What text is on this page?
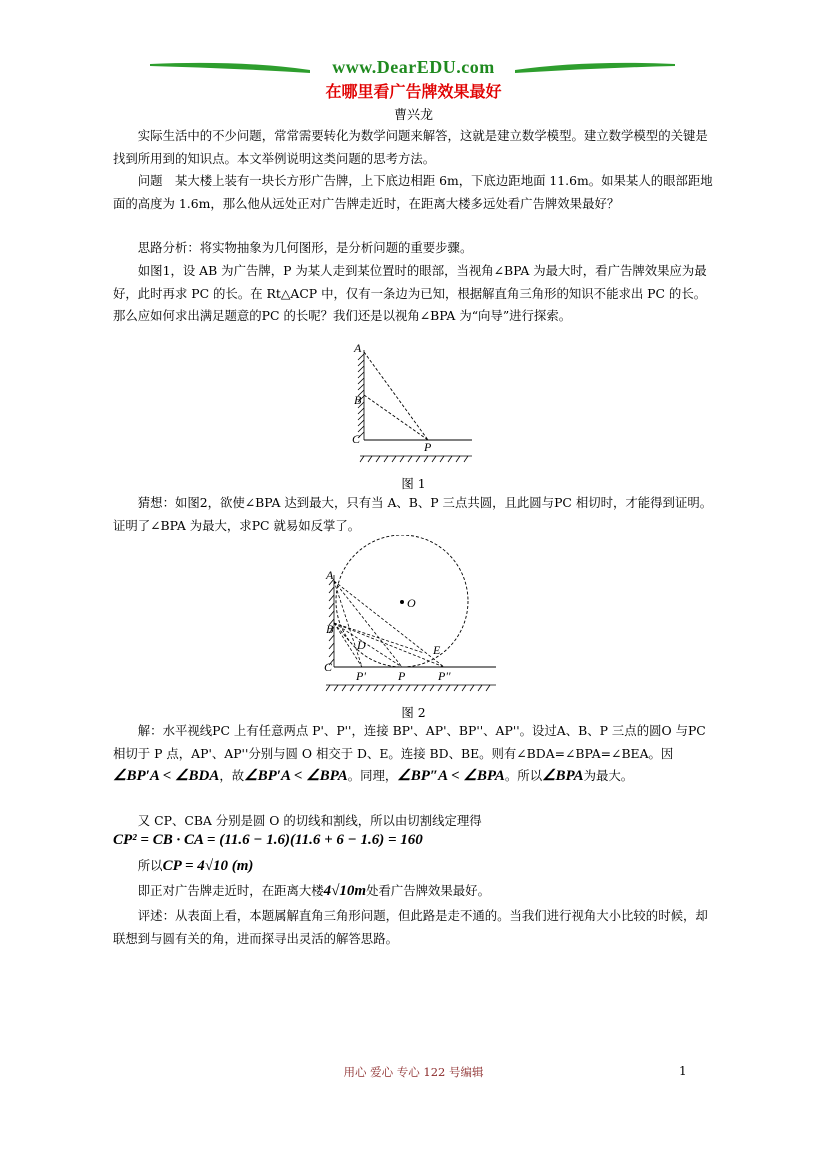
www.DearEDU.com
在哪里看广告牌效果最好
曹兴龙

实际生活中的不少问题，常常需要转化为数学问题来解答，这就是建立数学模型。建立数学模型的关键是找到所用到的知识点。本文举例说明这类问题的思考方法。

问题　某大楼上装有一块长方形广告牌，上下底边相距 6m，下底边距地面 11.6m。如果某人的眼部距地面的高度为 1.6m，那么他从远处正对广告牌走近时，在距离大楼多远处看广告牌效果最好？

思路分析：将实物抽象为几何图形，是分析问题的重要步骤。

如图1，设 AB 为广告牌，P 为某人走到某位置时的眼部，当视角∠BPA 为最大时，看广告牌效果应为最好，此时再求 PC 的长。在 Rt△ACP 中，仅有一条边为已知，根据解直角三角形的知识不能求出 PC 的长。那么应如何求出满足题意的PC 的长呢？我们还是以视角∠BPA 为“向导”进行探索。

A
B
C
P
图 1

猜想：如图2，欲使∠BPA 达到最大，只有当 A、B、P 三点共圆，且此圆与PC 相切时，才能得到证明。证明了∠BPA 为最大，求PC 就易如反掌了。

A
B
C
O
D	E
P'	P	P''
图 2

解：水平视线PC 上有任意两点 P'、P''，连接 BP'、AP'、BP''、AP''。设过A、B、P 三点的圆O 与PC 相切于 P 点，AP'、AP''分别与圆 O 相交于 D、E。连接 BD、BE。则有∠BDA=∠BPA=∠BEA。因∠BP′A < ∠BDA，故∠BP′A < ∠BPA。同理，∠BP″A < ∠BPA。所以∠BPA为最大。

又 CP、CBA 分别是圆 O 的切线和割线，所以由切割线定理得

CP² = CB · CA = (11.6 − 1.6)(11.6 + 6 − 1.6) = 160

所以CP = 4√10 (m)

即正对广告牌走近时，在距离大楼4√10m处看广告牌效果最好。

评述：从表面上看，本题属解直角三角形问题，但此路是走不通的。当我们进行视角大小比较的时候，却联想到与圆有关的角，进而探寻出灵活的解答思路。

用心 爱心 专心 122 号编辑	1
